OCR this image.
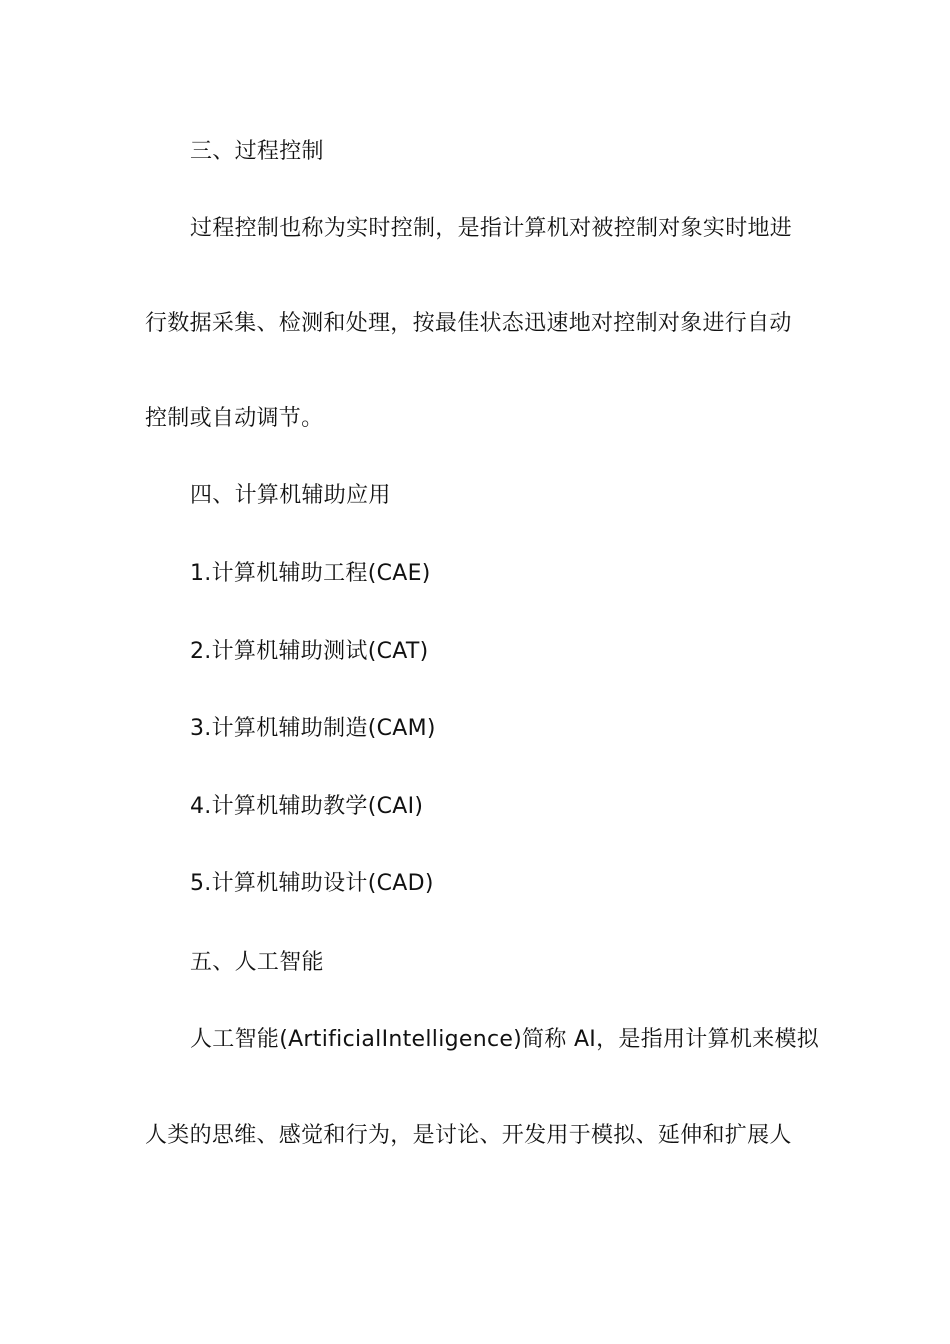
三、过程控制
过程控制也称为实时控制，是指计算机对被控制对象实时地进
行数据采集、检测和处理，按最佳状态迅速地对控制对象进行自动
控制或自动调节。
四、计算机辅助应用
1.计算机辅助工程(CAE)
2.计算机辅助测试(CAT)
3.计算机辅助制造(CAM)
4.计算机辅助教学(CAI)
5.计算机辅助设计(CAD)
五、人工智能
人工智能(ArtificialIntelligence)简称 AI，是指用计算机来模拟
人类的思维、感觉和行为，是讨论、开发用于模拟、延伸和扩展人
